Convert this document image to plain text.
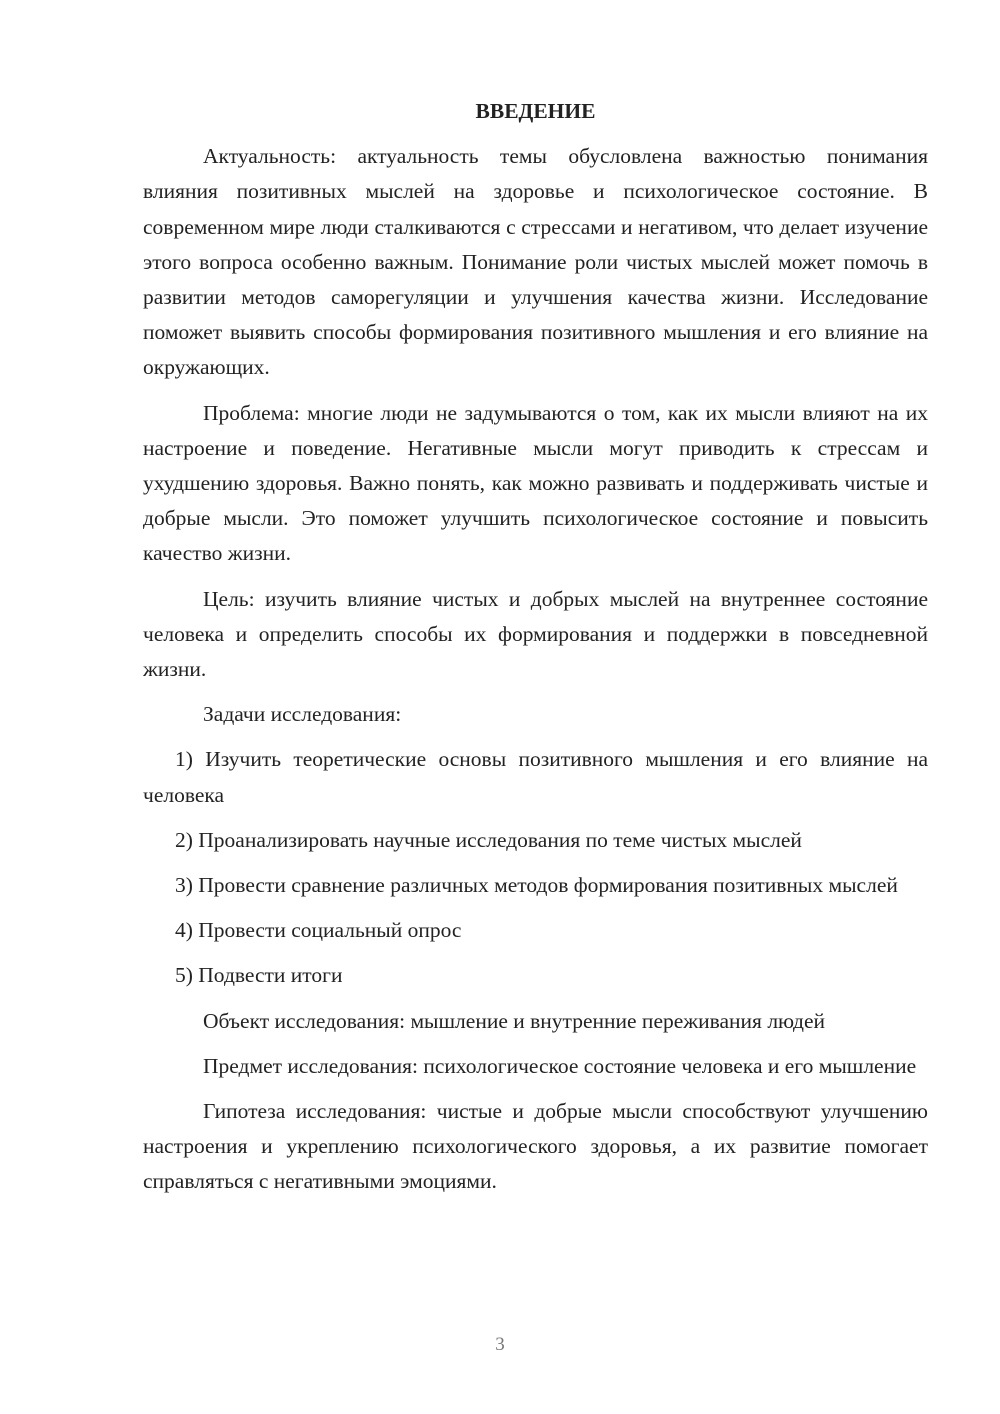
ВВЕДЕНИЕ

Актуальность: актуальность темы обусловлена важностью понимания влияния позитивных мыслей на здоровье и психологическое состояние. В современном мире люди сталкиваются с стрессами и негативом, что делает изучение этого вопроса особенно важным. Понимание роли чистых мыслей может помочь в развитии методов саморегуляции и улучшения качества жизни. Исследование поможет выявить способы формирования позитивного мышления и его влияние на окружающих.

Проблема: многие люди не задумываются о том, как их мысли влияют на их настроение и поведение. Негативные мысли могут приводить к стрессам и ухудшению здоровья. Важно понять, как можно развивать и поддерживать чистые и добрые мысли. Это поможет улучшить психологическое состояние и повысить качество жизни.

Цель: изучить влияние чистых и добрых мыслей на внутреннее состояние человека и определить способы их формирования и поддержки в повседневной жизни.

Задачи исследования:

1) Изучить теоретические основы позитивного мышления и его влияние на человека

2) Проанализировать научные исследования по теме чистых мыслей

3) Провести сравнение различных методов формирования позитивных мыслей

4) Провести социальный опрос

5) Подвести итоги

Объект исследования: мышление и внутренние переживания людей

Предмет исследования: психологическое состояние человека и его мышление

Гипотеза исследования: чистые и добрые мысли способствуют улучшению настроения и укреплению психологического здоровья, а их развитие помогает справляться с негативными эмоциями.

3
